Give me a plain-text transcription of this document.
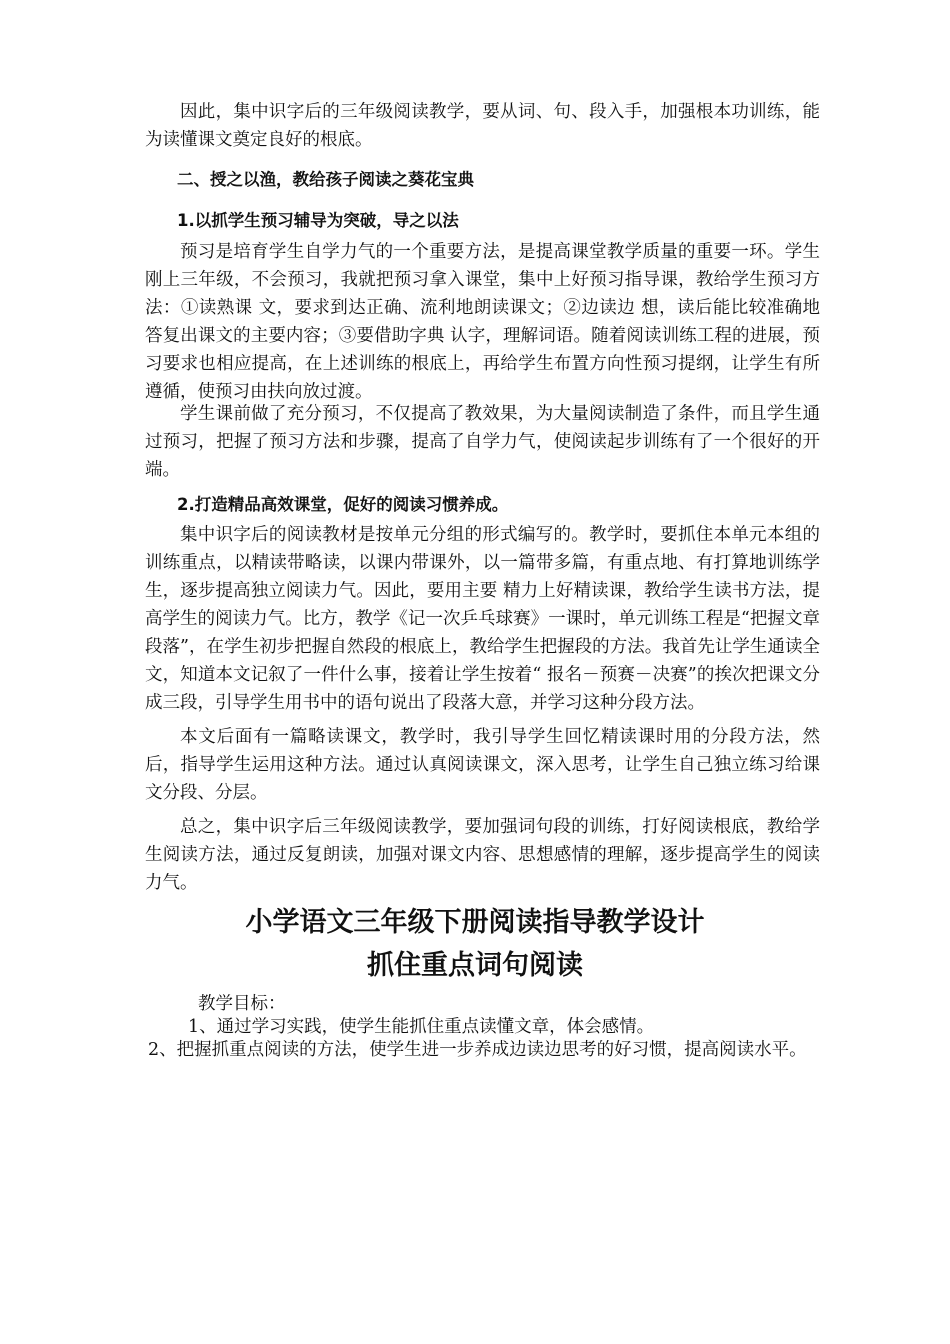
因此，集中识字后的三年级阅读教学，要从词、句、段入手，加强根本功训练，能为读懂课文奠定良好的根底。

二、授之以渔，教给孩子阅读之葵花宝典

1.以抓学生预习辅导为突破，导之以法

预习是培育学生自学力气的一个重要方法，是提高课堂教学质量的重要一环。学生刚上三年级，不会预习，我就把预习拿入课堂，集中上好预习指导课，教给学生预习方法：①读熟课 文，要求到达正确、流利地朗读课文；②边读边 想，读后能比较准确地答复出课文的主要内容；③要借助字典 认字，理解词语。随着阅读训练工程的进展，预习要求也相应提高，在上述训练的根底上，再给学生布置方向性预习提纲，让学生有所遵循，使预习由扶向放过渡。

学生课前做了充分预习，不仅提高了教效果，为大量阅读制造了条件，而且学生通过预习，把握了预习方法和步骤，提高了自学力气，使阅读起步训练有了一个很好的开端。

2.打造精品高效课堂，促好的阅读习惯养成。

集中识字后的阅读教材是按单元分组的形式编写的。教学时，要抓住本单元本组的训练重点，以精读带略读，以课内带课外，以一篇带多篇，有重点地、有打算地训练学生，逐步提高独立阅读力气。因此，要用主要 精力上好精读课，教给学生读书方法，提高学生的阅读力气。比方，教学《记一次乒乓球赛》一课时，单元训练工程是“把握文章段落”，在学生初步把握自然段的根底上，教给学生把握段的方法。我首先让学生通读全文，知道本文记叙了一件什么事，接着让学生按着“ 报名－预赛－决赛”的挨次把课文分成三段，引导学生用书中的语句说出了段落大意，并学习这种分段方法。

本文后面有一篇略读课文，教学时，我引导学生回忆精读课时用的分段方法，然后，指导学生运用这种方法。通过认真阅读课文，深入思考，让学生自己独立练习给课文分段、分层。

总之，集中识字后三年级阅读教学，要加强词句段的训练，打好阅读根底，教给学生阅读方法，通过反复朗读，加强对课文内容、思想感情的理解，逐步提高学生的阅读力气。

小学语文三年级下册阅读指导教学设计
抓住重点词句阅读

教学目标：

1、通过学习实践，使学生能抓住重点读懂文章，体会感情。

2、把握抓重点阅读的方法，使学生进一步养成边读边思考的好习惯，提高阅读水平。
